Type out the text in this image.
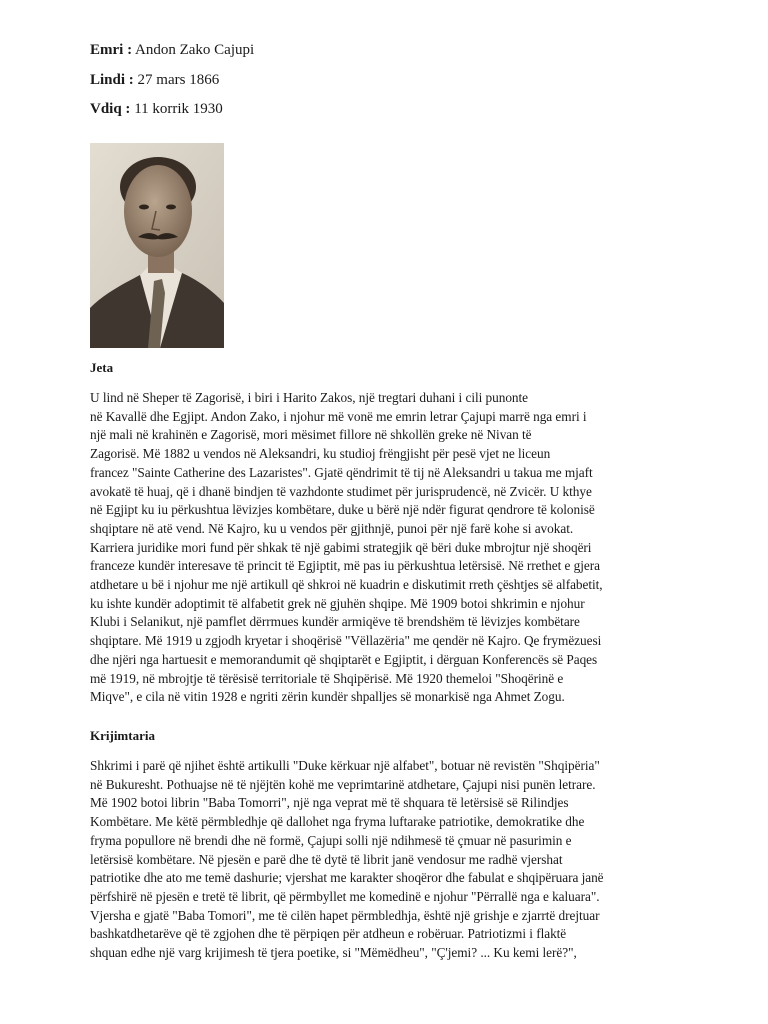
Emri : Andon Zako Cajupi
Lindi : 27 mars 1866
Vdiq : 11 korrik 1930
Jeta
U lind në Sheper të Zagorisë, i biri i Harito Zakos, një tregtari duhani i cili punonte
në Kavallë dhe Egjipt. Andon Zako, i njohur më vonë me emrin letrar Çajupi marrë nga emri i
një mali në krahinën e Zagorisë, mori mësimet fillore në shkollën greke në Nivan të
Zagorisë. Më 1882 u vendos në Aleksandri, ku studioj frëngjisht për pesë vjet ne liceun
francez "Sainte Catherine des Lazaristes". Gjatë qëndrimit të tij në Aleksandri u takua me mjaft
avokatë të huaj, që i dhanë bindjen të vazhdonte studimet për jurisprudencë, në Zvicër. U kthye
në Egjipt ku iu përkushtua lëvizjes kombëtare, duke u bërë një ndër figurat qendrore të kolonisë
shqiptare në atë vend. Në Kajro, ku u vendos për gjithnjë, punoi për një farë kohe si avokat.
Karriera juridike mori fund për shkak të një gabimi strategjik që bëri duke mbrojtur një shoqëri
franceze kundër interesave të princit të Egjiptit, më pas iu përkushtua letërsisë. Në rrethet e gjera
atdhetare u bë i njohur me një artikull që shkroi në kuadrin e diskutimit rreth çështjes së alfabetit,
ku ishte kundër adoptimit të alfabetit grek në gjuhën shqipe. Më 1909 botoi shkrimin e njohur
Klubi i Selanikut, një pamflet dërrmues kundër armiqëve të brendshëm të lëvizjes kombëtare
shqiptare. Më 1919 u zgjodh kryetar i shoqërisë "Vëllazëria" me qendër në Kajro. Qe frymëzuesi
dhe njëri nga hartuesit e memorandumit që shqiptarët e Egjiptit, i dërguan Konferencës së Paqes
më 1919, në mbrojtje të tërësisë territoriale të Shqipërisë. Më 1920 themeloi "Shoqërinë e
Miqve", e cila në vitin 1928 e ngriti zërin kundër shpalljes së monarkisë nga Ahmet Zogu.
Krijimtaria
Shkrimi i parë që njihet është artikulli "Duke kërkuar një alfabet", botuar në revistën "Shqipëria"
në Bukuresht. Pothuajse në të njëjtën kohë me veprimtarinë atdhetare, Çajupi nisi punën letrare.
Më 1902 botoi librin "Baba Tomorri", një nga veprat më të shquara të letërsisë së Rilindjes
Kombëtare. Me këtë përmbledhje që dallohet nga fryma luftarake patriotike, demokratike dhe
fryma popullore në brendi dhe në formë, Çajupi solli një ndihmesë të çmuar në pasurimin e
letërsisë kombëtare. Në pjesën e parë dhe të dytë të librit janë vendosur me radhë vjershat
patriotike dhe ato me temë dashurie; vjershat me karakter shoqëror dhe fabulat e shqipëruara janë
përfshirë në pjesën e tretë të librit, që përmbyllet me komedinë e njohur "Përrallë nga e kaluara".
Vjersha e gjatë "Baba Tomori", me të cilën hapet përmbledhja, është një grishje e zjarrtë drejtuar
bashkatdhetarëve që të zgjohen dhe të përpiqen për atdheun e robëruar. Patriotizmi i flaktë
shquan edhe një varg krijimesh të tjera poetike, si "Mëmëdheu", "Ç'jemi? ... Ku kemi lerë?",
